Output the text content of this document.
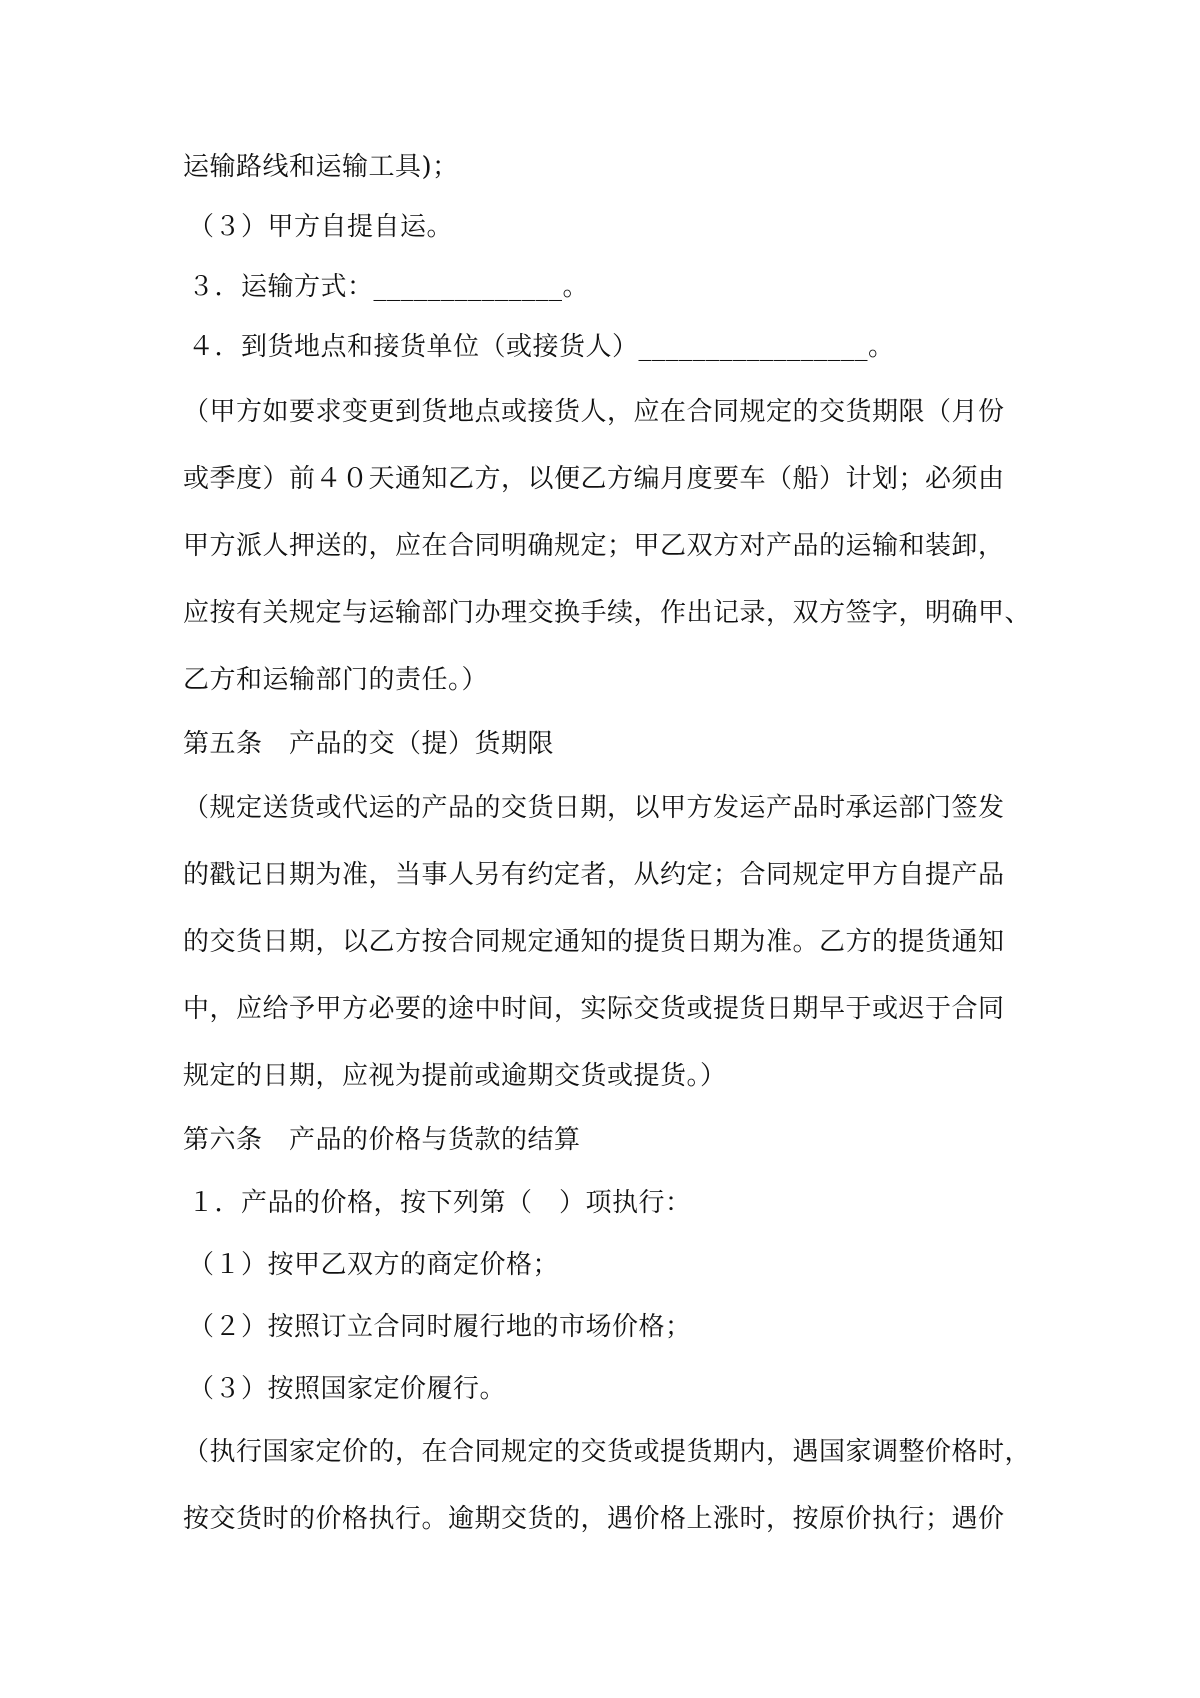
运输路线和运输工具)；
（３）甲方自提自运。
３．运输方式：______________。
４．到货地点和接货单位（或接货人）_________________。
（甲方如要求变更到货地点或接货人，应在合同规定的交货期限（月份
或季度）前４０天通知乙方，以便乙方编月度要车（船）计划；必须由
甲方派人押送的，应在合同明确规定；甲乙双方对产品的运输和装卸，
应按有关规定与运输部门办理交换手续，作出记录，双方签字，明确甲、
乙方和运输部门的责任。）
第五条　产品的交（提）货期限
（规定送货或代运的产品的交货日期，以甲方发运产品时承运部门签发
的戳记日期为准，当事人另有约定者，从约定；合同规定甲方自提产品
的交货日期，以乙方按合同规定通知的提货日期为准。乙方的提货通知
中，应给予甲方必要的途中时间，实际交货或提货日期早于或迟于合同
规定的日期，应视为提前或逾期交货或提货。）
第六条　产品的价格与货款的结算
１．产品的价格，按下列第（　）项执行：
（１）按甲乙双方的商定价格；
（２）按照订立合同时履行地的市场价格；
（３）按照国家定价履行。
（执行国家定价的，在合同规定的交货或提货期内，遇国家调整价格时，
按交货时的价格执行。逾期交货的，遇价格上涨时，按原价执行；遇价
